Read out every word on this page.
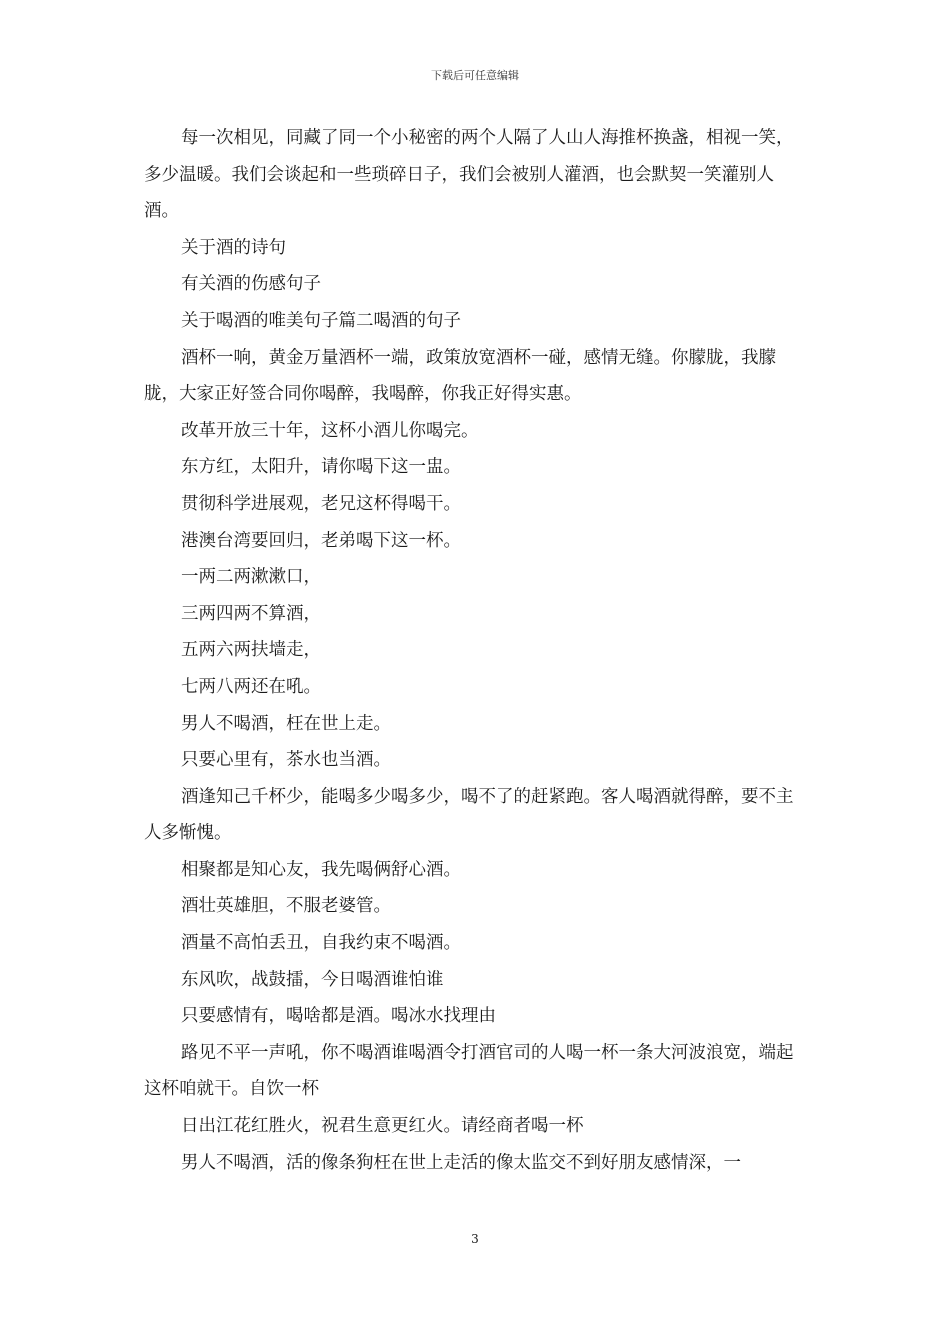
下载后可任意编辑

每一次相见，同藏了同一个小秘密的两个人隔了人山人海推杯换盏，相视一笑，多少温暖。我们会谈起和一些琐碎日子，我们会被别人灌酒，也会默契一笑灌别人酒。

关于酒的诗句

有关酒的伤感句子

关于喝酒的唯美句子篇二喝酒的句子

酒杯一响，黄金万量酒杯一端，政策放宽酒杯一碰，感情无缝。你朦胧，我朦胧，大家正好签合同你喝醉，我喝醉，你我正好得实惠。

改革开放三十年，这杯小酒儿你喝完。

东方红，太阳升，请你喝下这一盅。

贯彻科学进展观，老兄这杯得喝干。

港澳台湾要回归，老弟喝下这一杯。

一两二两漱漱口，

三两四两不算酒，

五两六两扶墙走，

七两八两还在吼。

男人不喝酒，枉在世上走。

只要心里有，茶水也当酒。

酒逢知己千杯少，能喝多少喝多少，喝不了的赶紧跑。客人喝酒就得醉，要不主人多惭愧。

相聚都是知心友，我先喝俩舒心酒。

酒壮英雄胆，不服老婆管。

酒量不高怕丢丑，自我约束不喝酒。

东风吹，战鼓擂，今日喝酒谁怕谁

只要感情有，喝啥都是酒。喝冰水找理由

路见不平一声吼，你不喝酒谁喝酒令打酒官司的人喝一杯一条大河波浪宽，端起这杯咱就干。自饮一杯

日出江花红胜火，祝君生意更红火。请经商者喝一杯

男人不喝酒，活的像条狗枉在世上走活的像太监交不到好朋友感情深，一

3
